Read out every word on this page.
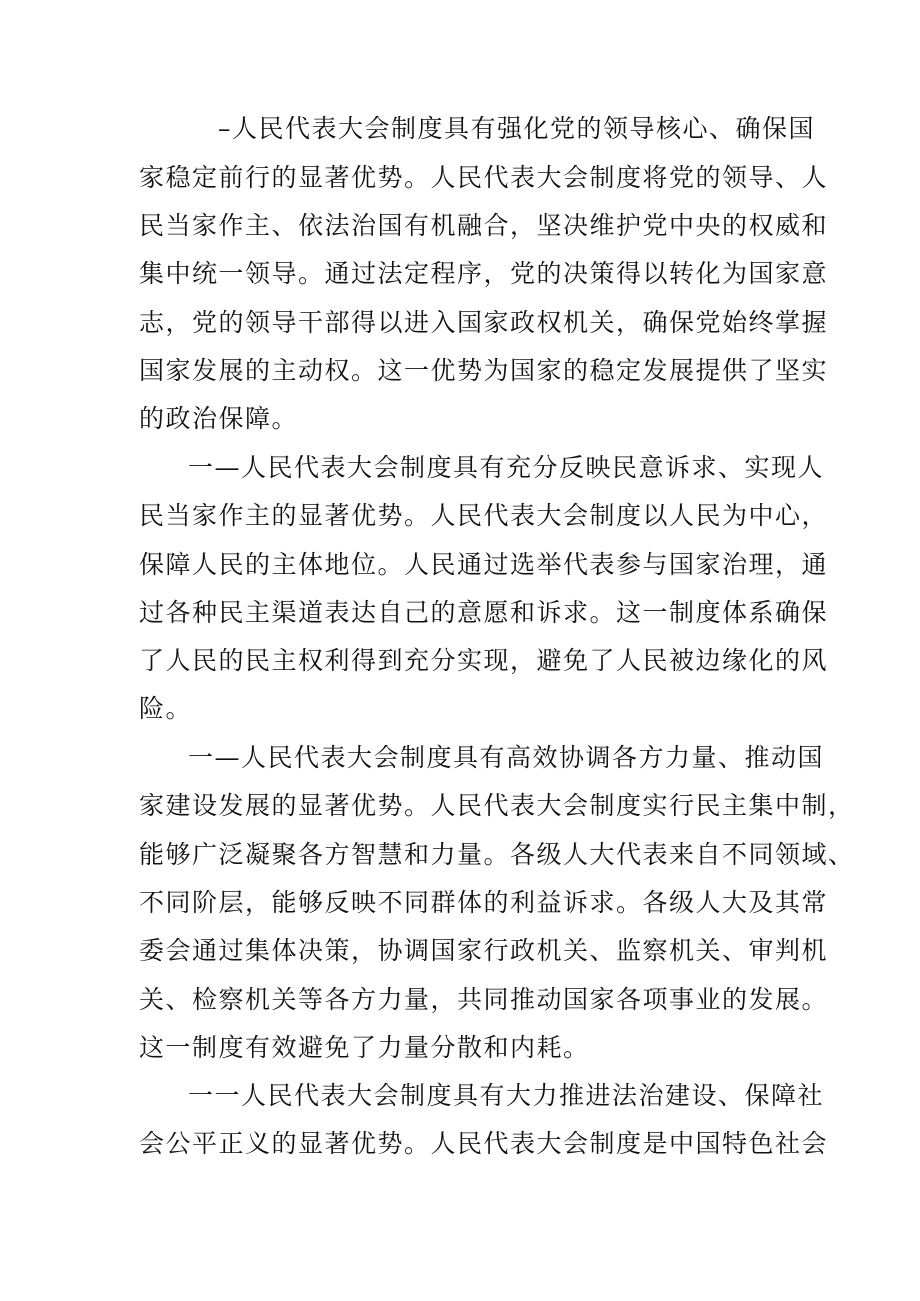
–人民代表大会制度具有强化党的领导核心、确保国
家稳定前行的显著优势。人民代表大会制度将党的领导、人
民当家作主、依法治国有机融合，坚决维护党中央的权威和
集中统一领导。通过法定程序，党的决策得以转化为国家意
志，党的领导干部得以进入国家政权机关，确保党始终掌握
国家发展的主动权。这一优势为国家的稳定发展提供了坚实
的政治保障。
一—人民代表大会制度具有充分反映民意诉求、实现人
民当家作主的显著优势。人民代表大会制度以人民为中心，
保障人民的主体地位。人民通过选举代表参与国家治理，通
过各种民主渠道表达自己的意愿和诉求。这一制度体系确保
了人民的民主权利得到充分实现，避免了人民被边缘化的风
险。
一—人民代表大会制度具有高效协调各方力量、推动国
家建设发展的显著优势。人民代表大会制度实行民主集中制，
能够广泛凝聚各方智慧和力量。各级人大代表来自不同领域、
不同阶层，能够反映不同群体的利益诉求。各级人大及其常
委会通过集体决策，协调国家行政机关、监察机关、审判机
关、检察机关等各方力量，共同推动国家各项事业的发展。
这一制度有效避免了力量分散和内耗。
一一人民代表大会制度具有大力推进法治建设、保障社
会公平正义的显著优势。人民代表大会制度是中国特色社会
